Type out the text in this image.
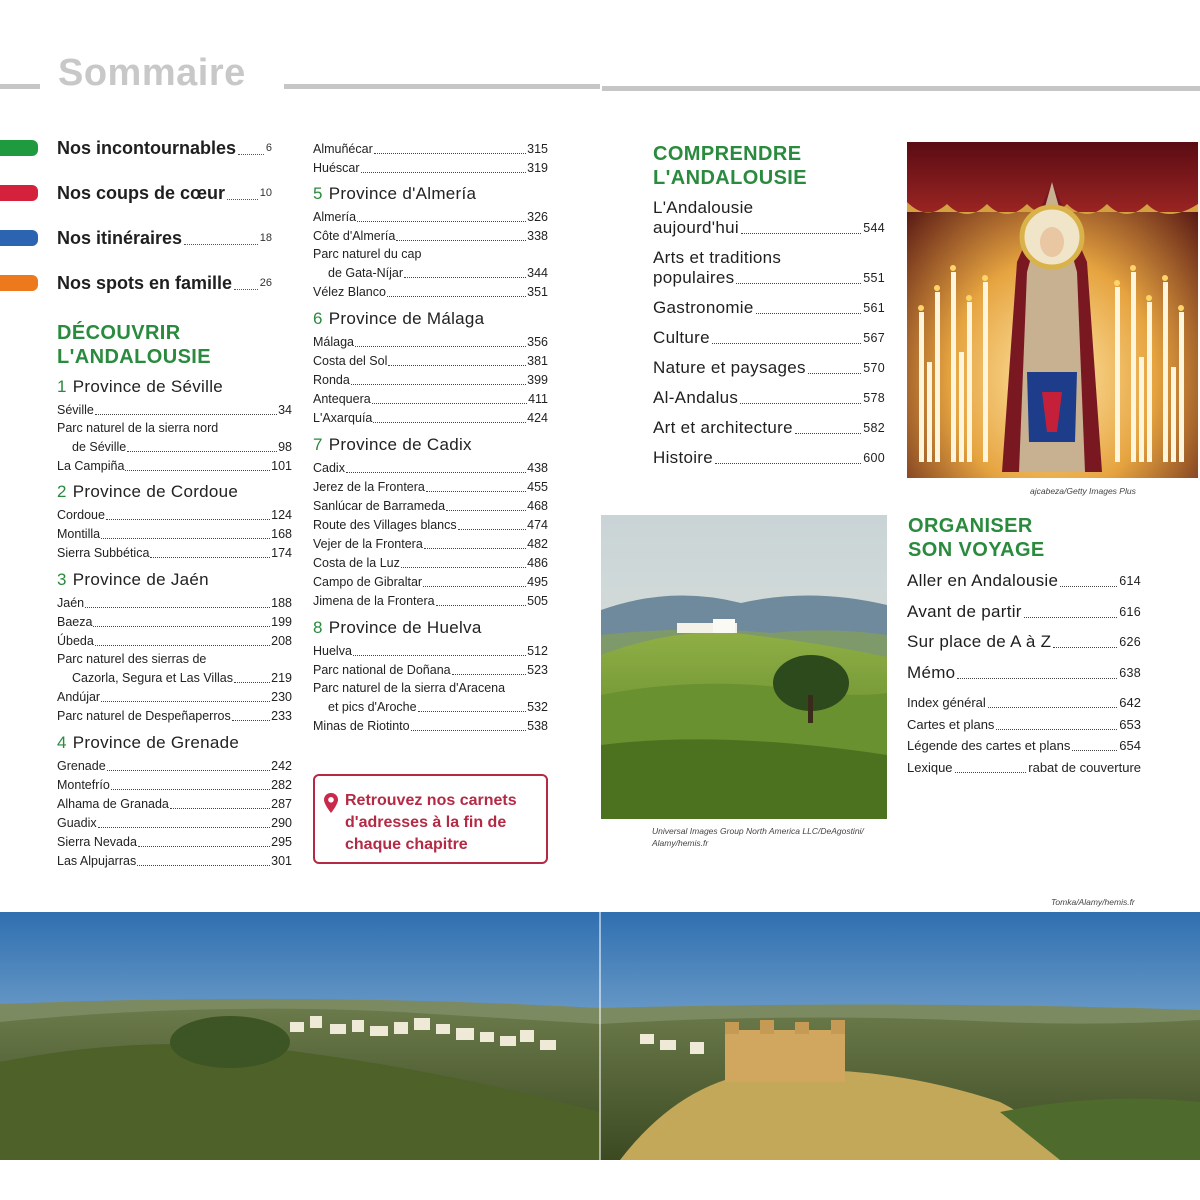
Sommaire
Nos incontournables	6
Nos coups de cœur	10
Nos itinéraires	18
Nos spots en famille	26
DÉCOUVRIR
L'ANDALOUSIE
1 Province de Séville
Séville	34
Parc naturel de la sierra nord
de Séville	98
La Campiña	101
2 Province de Cordoue
Cordoue	124
Montilla	168
Sierra Subbética	174
3 Province de Jaén
Jaén	188
Baeza	199
Úbeda	208
Parc naturel des sierras de
Cazorla, Segura et Las Villas	219
Andújar	230
Parc naturel de Despeñaperros	233
4 Province de Grenade
Grenade	242
Montefrío	282
Alhama de Granada	287
Guadix	290
Sierra Nevada	295
Las Alpujarras	301
Almuñécar	315
Huéscar	319
5 Province d'Almería
Almería	326
Côte d'Almería	338
Parc naturel du cap
de Gata-Níjar	344
Vélez Blanco	351
6 Province de Málaga
Málaga	356
Costa del Sol	381
Ronda	399
Antequera	411
L'Axarquía	424
7 Province de Cadix
Cadix	438
Jerez de la Frontera	455
Sanlúcar de Barrameda	468
Route des Villages blancs	474
Vejer de la Frontera	482
Costa de la Luz	486
Campo de Gibraltar	495
Jimena de la Frontera	505
8 Province de Huelva
Huelva	512
Parc national de Doñana	523
Parc naturel de la sierra d'Aracena
et pics d'Aroche	532
Minas de Riotinto	538
Retrouvez nos carnets d'adresses à la fin de chaque chapitre
COMPRENDRE
L'ANDALOUSIE
L'Andalousie
aujourd'hui	544
Arts et traditions
populaires	551
Gastronomie	561
Culture	567
Nature et paysages	570
Al-Andalus	578
Art et architecture	582
Histoire	600
ORGANISER
SON VOYAGE
Aller en Andalousie	614
Avant de partir	616
Sur place de A à Z	626
Mémo	638
Index général	642
Cartes et plans	653
Légende des cartes et plans	654
Lexique	rabat de couverture
ajcabeza/Getty Images Plus
Universal Images Group North America LLC/DeAgostini/
Alamy/hemis.fr
Tomka/Alamy/hemis.fr
